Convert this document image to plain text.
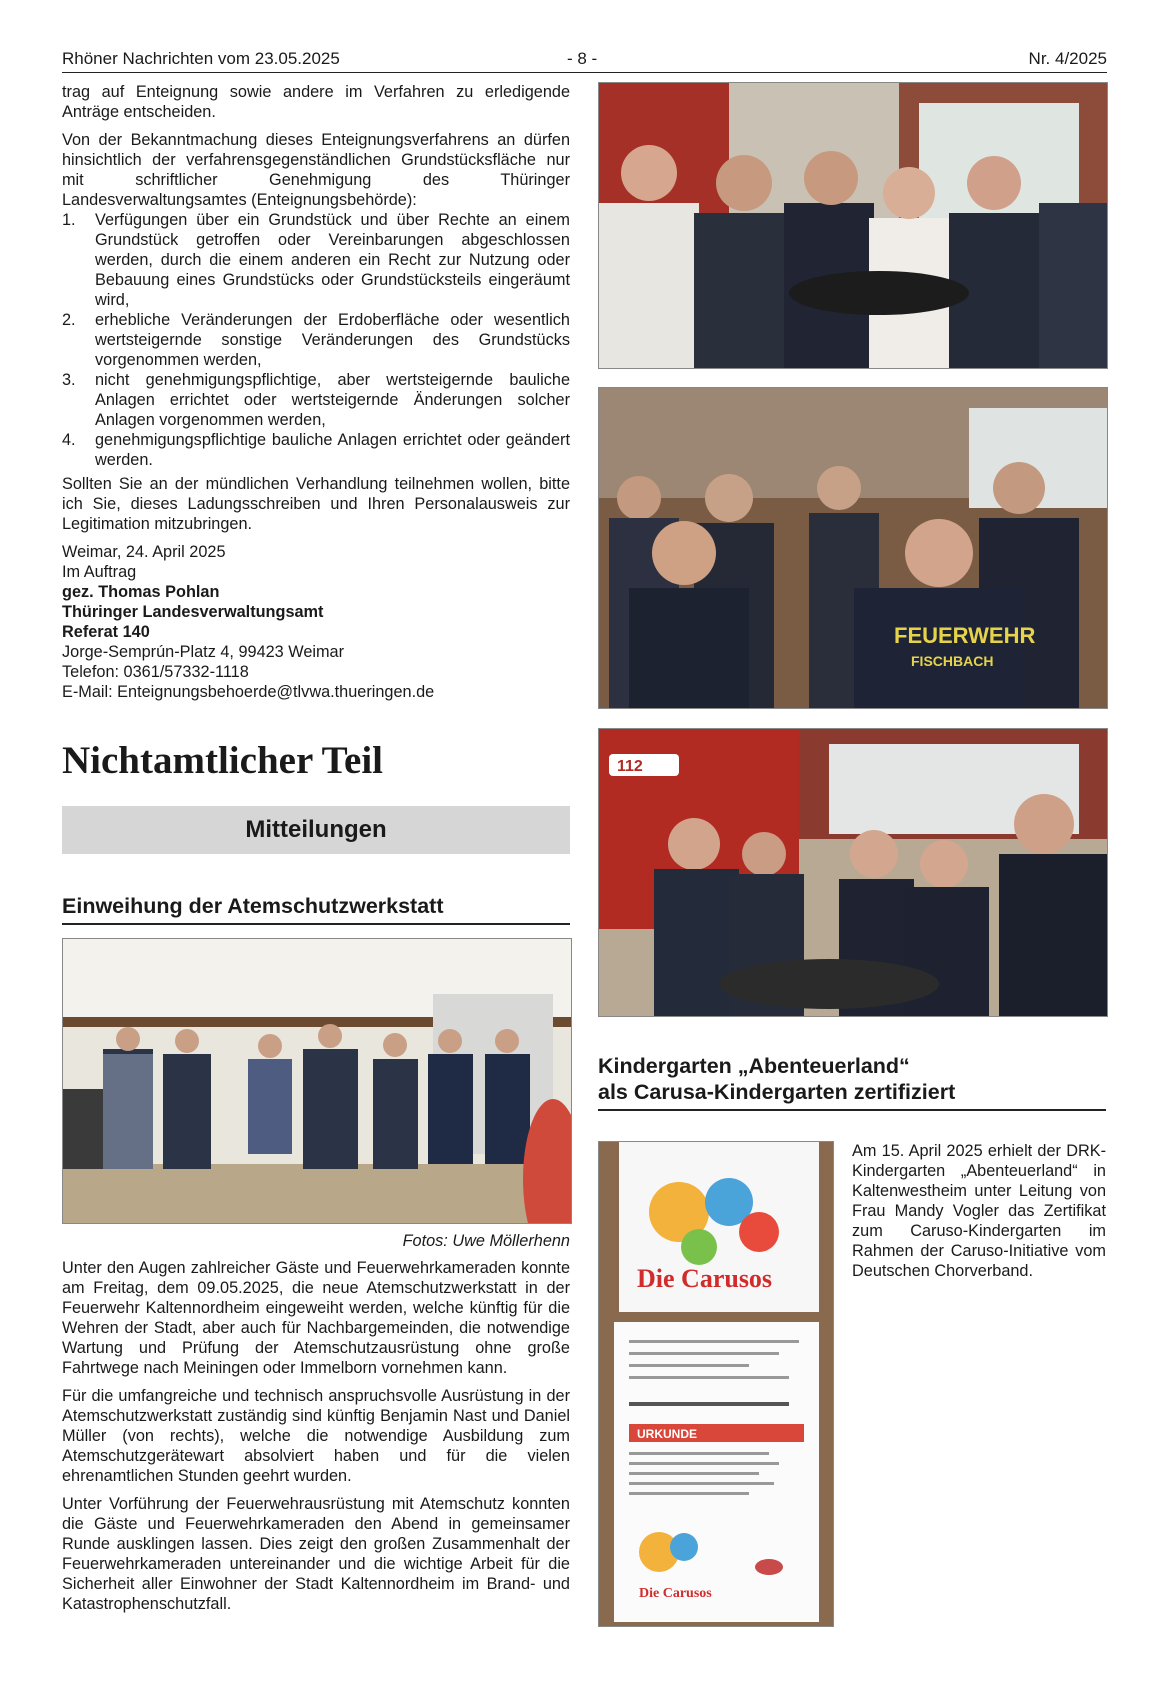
Rhöner Nachrichten vom 23.05.2025	- 8 -	Nr. 4/2025

trag auf Enteignung sowie andere im Verfahren zu erledigende Anträge entscheiden.

Von der Bekanntmachung dieses Enteignungsverfahrens an dürfen hinsichtlich der verfahrensgegenständlichen Grundstücksfläche nur mit schriftlicher Genehmigung des Thüringer Landesverwaltungsamtes (Enteignungsbehörde):

1. Verfügungen über ein Grundstück und über Rechte an einem Grundstück getroffen oder Vereinbarungen abgeschlossen werden, durch die einem anderen ein Recht zur Nutzung oder Bebauung eines Grundstücks oder Grundstücksteils eingeräumt wird,
2. erhebliche Veränderungen der Erdoberfläche oder wesentlich wertsteigernde sonstige Veränderungen des Grundstücks vorgenommen werden,
3. nicht genehmigungspflichtige, aber wertsteigernde bauliche Anlagen errichtet oder wertsteigernde Änderungen solcher Anlagen vorgenommen werden,
4. genehmigungspflichtige bauliche Anlagen errichtet oder geändert werden.

Sollten Sie an der mündlichen Verhandlung teilnehmen wollen, bitte ich Sie, dieses Ladungsschreiben und Ihren Personalausweis zur Legitimation mitzubringen.

Weimar, 24. April 2025
Im Auftrag
gez. Thomas Pohlan
Thüringer Landesverwaltungsamt
Referat 140
Jorge-Semprún-Platz 4, 99423 Weimar
Telefon: 0361/57332-1118
E-Mail: Enteignungsbehoerde@tlvwa.thueringen.de
Nichtamtlicher Teil
Mitteilungen
Einweihung der Atemschutzwerkstatt
Fotos: Uwe Möllerhenn

Unter den Augen zahlreicher Gäste und Feuerwehrkameraden konnte am Freitag, dem 09.05.2025, die neue Atemschutzwerkstatt in der Feuerwehr Kaltennordheim eingeweiht werden, welche künftig für die Wehren der Stadt, aber auch für Nachbargemeinden, die notwendige Wartung und Prüfung der Atemschutzausrüstung ohne große Fahrtwege nach Meiningen oder Immelborn vornehmen kann.

Für die umfangreiche und technisch anspruchsvolle Ausrüstung in der Atemschutzwerkstatt zuständig sind künftig Benjamin Nast und Daniel Müller (von rechts), welche die notwendige Ausbildung zum Atemschutzgerätewart absolviert haben und für die vielen ehrenamtlichen Stunden geehrt wurden.

Unter Vorführung der Feuerwehrausrüstung mit Atemschutz konnten die Gäste und Feuerwehrkameraden den Abend in gemeinsamer Runde ausklingen lassen. Dies zeigt den großen Zusammenhalt der Feuerwehrkameraden untereinander und die wichtige Arbeit für die Sicherheit aller Einwohner der Stadt Kaltennordheim im Brand- und Katastrophenschutzfall.

FEUERWEHR
FISCHBACH
112
Kindergarten „Abenteuerland“
als Carusa-Kindergarten zertifiziert
Die Carusos
URKUNDE
Die Carusos

Am 15. April 2025 erhielt der DRK-Kindergarten „Abenteuerland“ in Kaltenwestheim unter Leitung von Frau Mandy Vogler das Zertifikat zum Caruso-Kindergarten im Rahmen der Caruso-Initiative vom Deutschen Chorverband.
